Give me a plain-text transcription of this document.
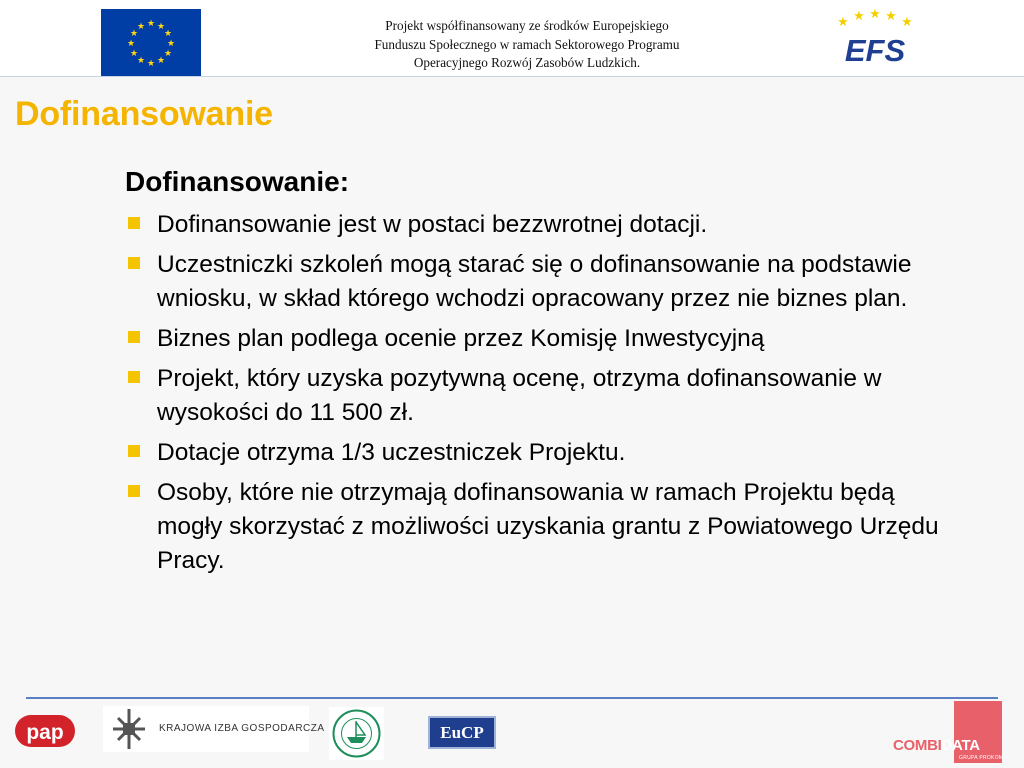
★ ★
★
★
★
★
★
★
★
★
★
★	Projekt współfinansowany ze środków Europejskiego
Funduszu Społecznego w ramach Sektorowego Programu
Operacyjnego Rozwój Zasobów Ludzkich.
★ ★ ★ ★ ★
EFS
Dofinansowanie
Dofinansowanie:
Dofinansowanie jest w postaci bezzwrotnej dotacji.
Uczestniczki szkoleń mogą starać się o dofinansowanie na podstawie wniosku, w skład którego wchodzi opracowany przez nie biznes plan.
Biznes plan podlega ocenie przez Komisję Inwestycyjną
Projekt, który uzyska pozytywną ocenę, otrzyma dofinansowanie w wysokości do 11 500 zł.
Dotacje otrzyma 1/3 uczestniczek Projektu.
Osoby, które nie otrzymają dofinansowania w ramach Projektu będą mogły skorzystać z możliwości uzyskania grantu z Powiatowego Urzędu Pracy.
pap	KRAJOWA IZBA GOSPODARCZA	EuCP
COMBIDATA
GRUPA PROKOM
